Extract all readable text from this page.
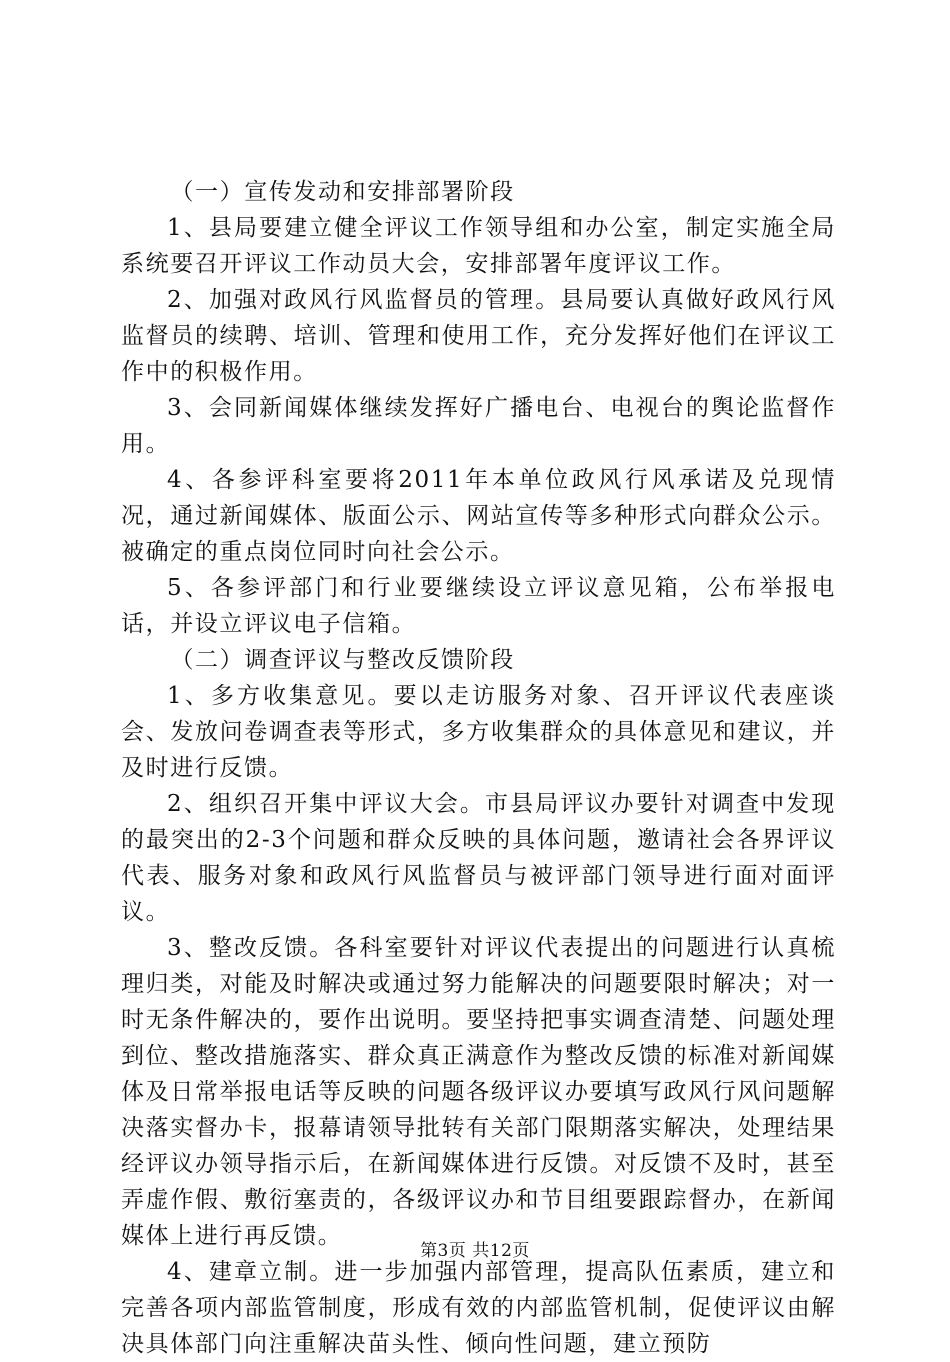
（一）宣传发动和安排部署阶段

1、县局要建立健全评议工作领导组和办公室，制定实施全局系统要召开评议工作动员大会，安排部署年度评议工作。

2、加强对政风行风监督员的管理。县局要认真做好政风行风监督员的续聘、培训、管理和使用工作，充分发挥好他们在评议工作中的积极作用。

3、会同新闻媒体继续发挥好广播电台、电视台的舆论监督作用。

4、各参评科室要将2011年本单位政风行风承诺及兑现情况，通过新闻媒体、版面公示、网站宣传等多种形式向群众公示。被确定的重点岗位同时向社会公示。

5、各参评部门和行业要继续设立评议意见箱，公布举报电话，并设立评议电子信箱。

（二）调查评议与整改反馈阶段

1、多方收集意见。要以走访服务对象、召开评议代表座谈会、发放问卷调查表等形式，多方收集群众的具体意见和建议，并及时进行反馈。

2、组织召开集中评议大会。市县局评议办要针对调查中发现的最突出的2-3个问题和群众反映的具体问题，邀请社会各界评议代表、服务对象和政风行风监督员与被评部门领导进行面对面评议。

3、整改反馈。各科室要针对评议代表提出的问题进行认真梳理归类，对能及时解决或通过努力能解决的问题要限时解决；对一时无条件解决的，要作出说明。要坚持把事实调查清楚、问题处理到位、整改措施落实、群众真正满意作为整改反馈的标准对新闻媒体及日常举报电话等反映的问题各级评议办要填写政风行风问题解决落实督办卡，报幕请领导批转有关部门限期落实解决，处理结果经评议办领导指示后，在新闻媒体进行反馈。对反馈不及时，甚至弄虚作假、敷衍塞责的，各级评议办和节目组要跟踪督办，在新闻媒体上进行再反馈。

4、建章立制。进一步加强内部管理，提高队伍素质，建立和完善各项内部监管制度，形成有效的内部监管机制，促使评议由解决具体部门向注重解决苗头性、倾向性问题，建立预防

第3页 共12页
